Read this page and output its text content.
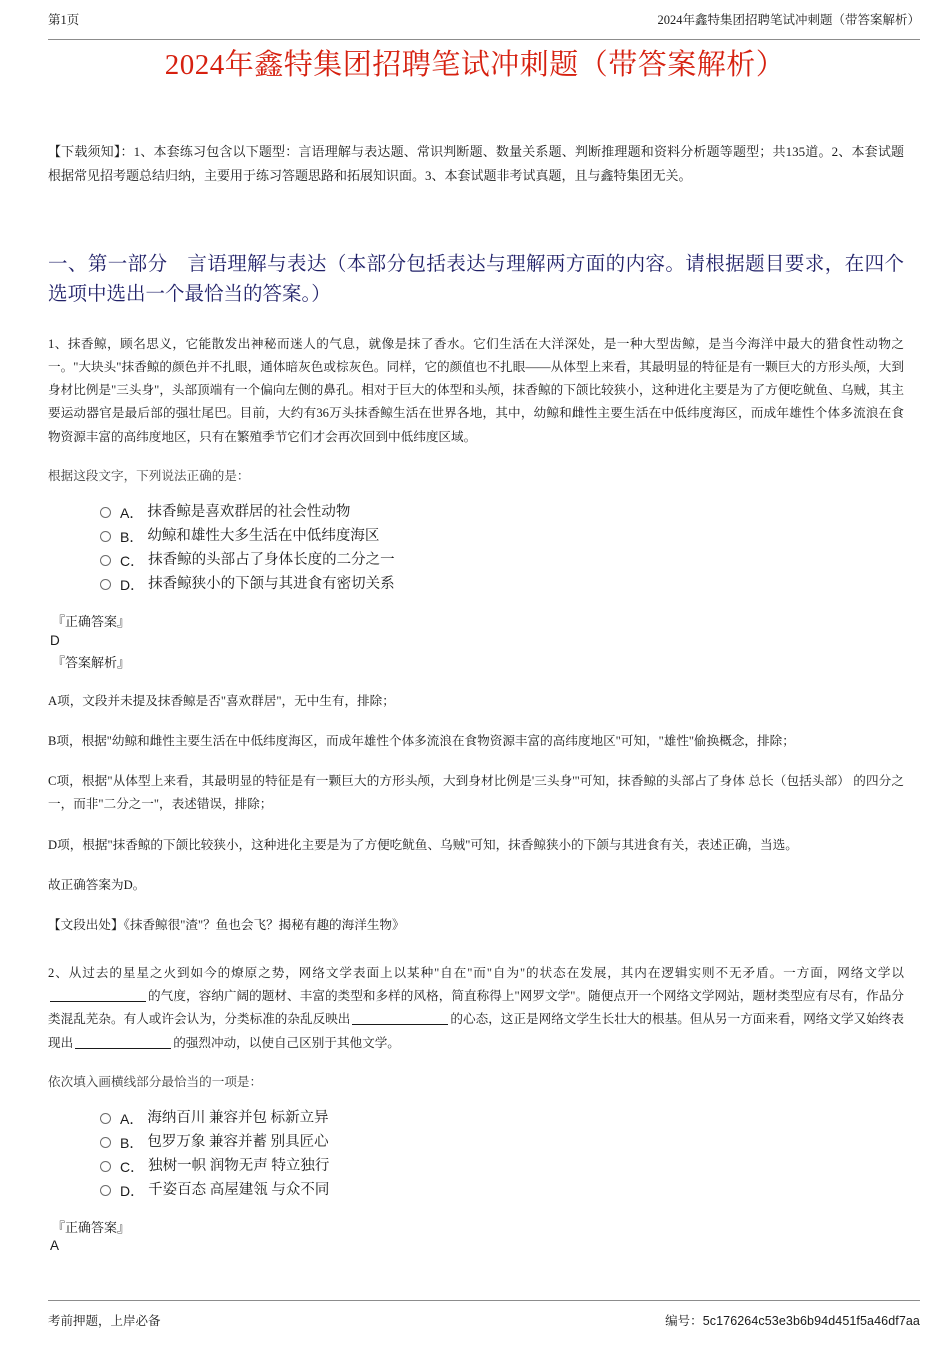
第1页	2024年鑫特集团招聘笔试冲刺题（带答案解析）
2024年鑫特集团招聘笔试冲刺题（带答案解析）

【下载须知】：1、本套练习包含以下题型：言语理解与表达题、常识判断题、数量关系题、判断推理题和资料分析题等题型；共135道。2、本套试题根据常见招考题总结归纳，主要用于练习答题思路和拓展知识面。3、本套试题非考试真题，且与鑫特集团无关。

一、第一部分　言语理解与表达（本部分包括表达与理解两方面的内容。请根据题目要求，在四个选项中选出一个最恰当的答案。）
1、抹香鲸，顾名思义，它能散发出神秘而迷人的气息，就像是抹了香水。它们生活在大洋深处，是一种大型齿鲸，是当今海洋中最大的猎食性动物之一。"大块头"抹香鲸的颜色并不扎眼，通体暗灰色或棕灰色。同样，它的颜值也不扎眼——从体型上来看，其最明显的特征是有一颗巨大的方形头颅，大到身材比例是"三头身"，头部顶端有一个偏向左侧的鼻孔。相对于巨大的体型和头颅，抹香鲸的下颌比较狭小，这种进化主要是为了方便吃鱿鱼、乌贼，其主要运动器官是最后部的强壮尾巴。目前，大约有36万头抹香鲸生活在世界各地，其中，幼鲸和雌性主要生活在中低纬度海区，而成年雄性个体多流浪在食物资源丰富的高纬度地区，只有在繁殖季节它们才会再次回到中低纬度区域。
根据这段文字，下列说法正确的是：
A． 抹香鲸是喜欢群居的社会性动物
B． 幼鲸和雄性大多生活在中低纬度海区
C． 抹香鲸的头部占了身体长度的二分之一
D． 抹香鲸狭小的下颌与其进食有密切关系
『正确答案』
D
『答案解析』
A项，文段并未提及抹香鲸是否"喜欢群居"，无中生有，排除；
B项，根据"幼鲸和雌性主要生活在中低纬度海区，而成年雄性个体多流浪在食物资源丰富的高纬度地区"可知，"雄性"偷换概念，排除；
C项，根据"从体型上来看，其最明显的特征是有一颗巨大的方形头颅，大到身材比例是'三头身'"可知，抹香鲸的头部占了身体 总长（包括头部） 的四分之一，而非"二分之一"，表述错误，排除；
D项，根据"抹香鲸的下颌比较狭小，这种进化主要是为了方便吃鱿鱼、乌贼"可知，抹香鲸狭小的下颌与其进食有关，表述正确，当选。
故正确答案为D。
【文段出处】《抹香鲸很"渣"？鱼也会飞？揭秘有趣的海洋生物》
2、从过去的星星之火到如今的燎原之势，网络文学表面上以某种"自在"而"自为"的状态在发展，其内在逻辑实则不无矛盾。一方面，网络文学以的气度，容纳广阔的题材、丰富的类型和多样的风格，简直称得上"网罗文学"。随便点开一个网络文学网站，题材类型应有尽有，作品分类混乱芜杂。有人或许会认为，分类标准的杂乱反映出	的心态，这正是网络文学生长壮大的根基。但从另一方面来看，网络文学又始终表现出	的强烈冲动，以使自己区别于其他文学。
依次填入画横线部分最恰当的一项是：
A． 海纳百川 兼容并包 标新立异
B． 包罗万象 兼容并蓄 别具匠心
C． 独树一帜 润物无声 特立独行
D． 千姿百态 高屋建瓴 与众不同
『正确答案』
A
考前押题，上岸必备	编号：5c176264c53e3b6b94d451f5a46df7aa
